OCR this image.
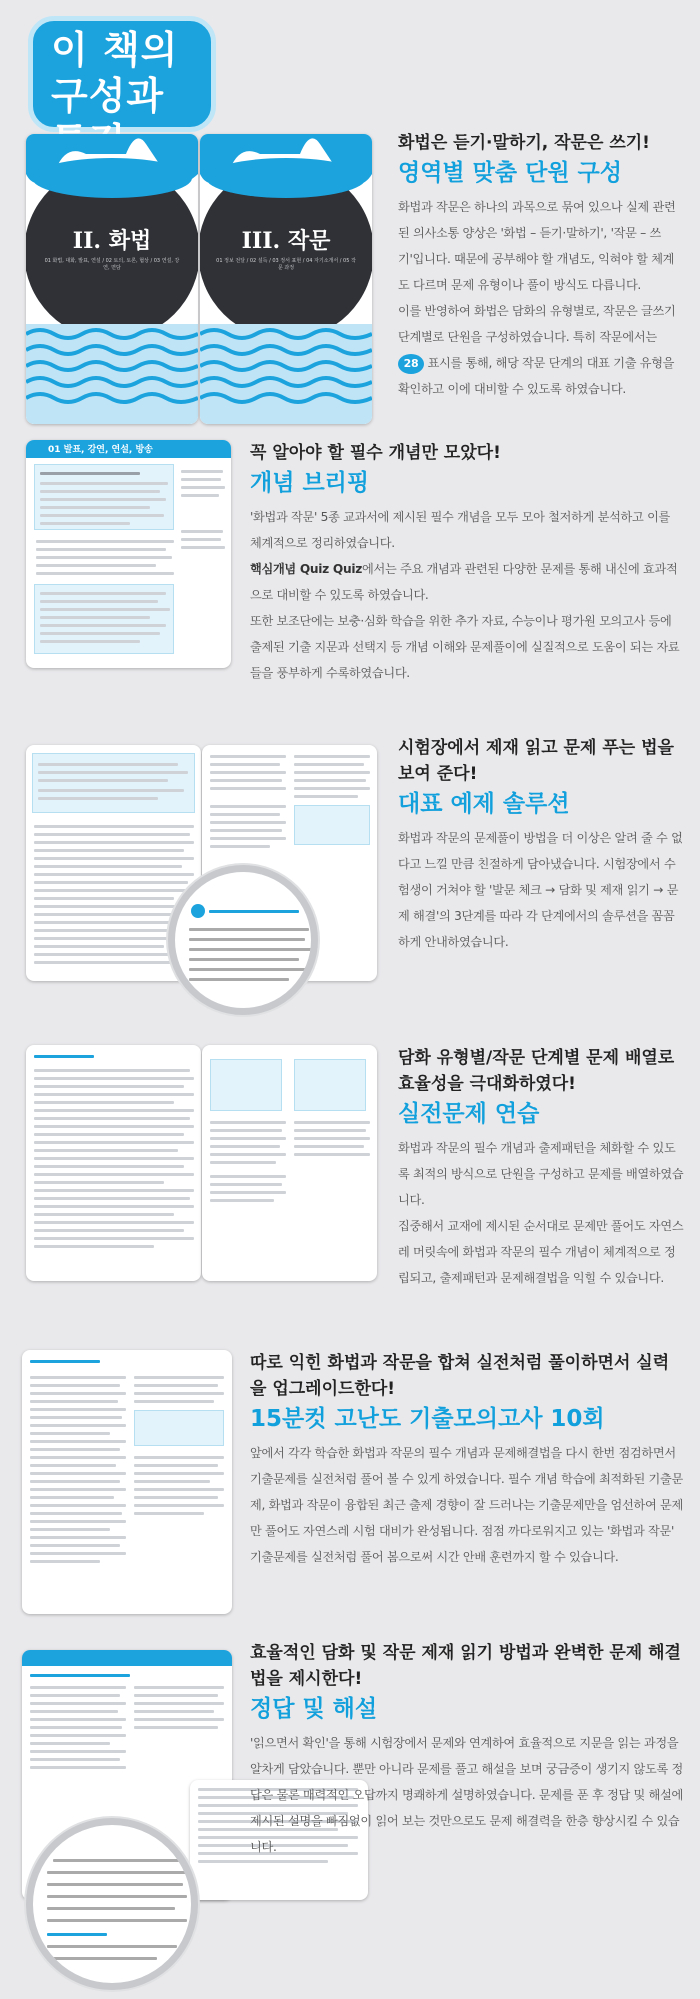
이 책의
구성과
II. 화법
01 화법, 대화, 발표, 연설 / 02 토의, 토론, 협상 / 03 연설, 강연, 면담
III. 작문
01 정보 전달 / 02 설득 / 03 정서 표현 / 04 자기소개서 / 05 작문 과정
화법은 듣기·말하기, 작문은 쓰기!
영역별 맞춤 단원 구성

화법과 작문은 하나의 과목으로 묶여 있으나 실제 관련된 의사소통 양상은 '화법 – 듣기·말하기', '작문 – 쓰기'입니다. 때문에 공부해야 할 개념도, 익혀야 할 체계도 다르며 문제 유형이나 풀이 방식도 다릅니다.

이를 반영하여 화법은 담화의 유형별로, 작문은 글쓰기 단계별로 단원을 구성하였습니다. 특히 작문에서는 28 표시를 통해, 해당 작문 단계의 대표 기출 유형을 확인하고 이에 대비할 수 있도록 하였습니다.

01 발표, 강연, 연설, 방송	꼭 알아야 할 필수 개념만 모았다!
개념 브리핑

'화법과 작문' 5종 교과서에 제시된 필수 개념을 모두 모아 철저하게 분석하고 이를 체계적으로 정리하였습니다.

핵심개념 Quiz Quiz에서는 주요 개념과 관련된 다양한 문제를 통해 내신에 효과적으로 대비할 수 있도록 하였습니다.

또한 보조단에는 보충·심화 학습을 위한 추가 자료, 수능이나 평가원 모의고사 등에 출제된 기출 지문과 선택지 등 개념 이해와 문제풀이에 실질적으로 도움이 되는 자료들을 풍부하게 수록하였습니다.

시험장에서 제재 읽고 문제 푸는 법을 보여 준다!
대표 예제 솔루션

화법과 작문의 문제풀이 방법을 더 이상은 알려 줄 수 없다고 느낄 만큼 친절하게 담아냈습니다. 시험장에서 수험생이 거쳐야 할 '발문 체크 → 담화 및 제재 읽기 → 문제 해결'의 3단계를 따라 각 단계에서의 솔루션을 꼼꼼하게 안내하였습니다.

담화 유형별/작문 단계별 문제 배열로 효율성을 극대화하였다!
실전문제 연습

화법과 작문의 필수 개념과 출제패턴을 체화할 수 있도록 최적의 방식으로 단원을 구성하고 문제를 배열하였습니다.

집중해서 교재에 제시된 순서대로 문제만 풀어도 자연스레 머릿속에 화법과 작문의 필수 개념이 체계적으로 정립되고, 출제패턴과 문제해결법을 익힐 수 있습니다.

따로 익힌 화법과 작문을 합쳐 실전처럼 풀이하면서 실력을 업그레이드한다!
15분컷 고난도 기출모의고사 10회

앞에서 각각 학습한 화법과 작문의 필수 개념과 문제해결법을 다시 한번 점검하면서 기출문제를 실전처럼 풀어 볼 수 있게 하였습니다. 필수 개념 학습에 최적화된 기출문제, 화법과 작문이 융합된 최근 출제 경향이 잘 드러나는 기출문제만을 엄선하여 문제만 풀어도 자연스레 시험 대비가 완성됩니다. 점점 까다로워지고 있는 '화법과 작문' 기출문제를 실전처럼 풀어 봄으로써 시간 안배 훈련까지 할 수 있습니다.

효율적인 담화 및 작문 제재 읽기 방법과 완벽한 문제 해결법을 제시한다!
정답 및 해설

'읽으면서 확인'을 통해 시험장에서 문제와 연계하여 효율적으로 지문을 읽는 과정을 알차게 담았습니다. 뿐만 아니라 문제를 풀고 해설을 보며 궁금증이 생기지 않도록 정답은 물론 매력적인 오답까지 명쾌하게 설명하였습니다. 문제를 푼 후 정답 및 해설에 제시된 설명을 빠짐없이 읽어 보는 것만으로도 문제 해결력을 한층 향상시킬 수 있습니다.
